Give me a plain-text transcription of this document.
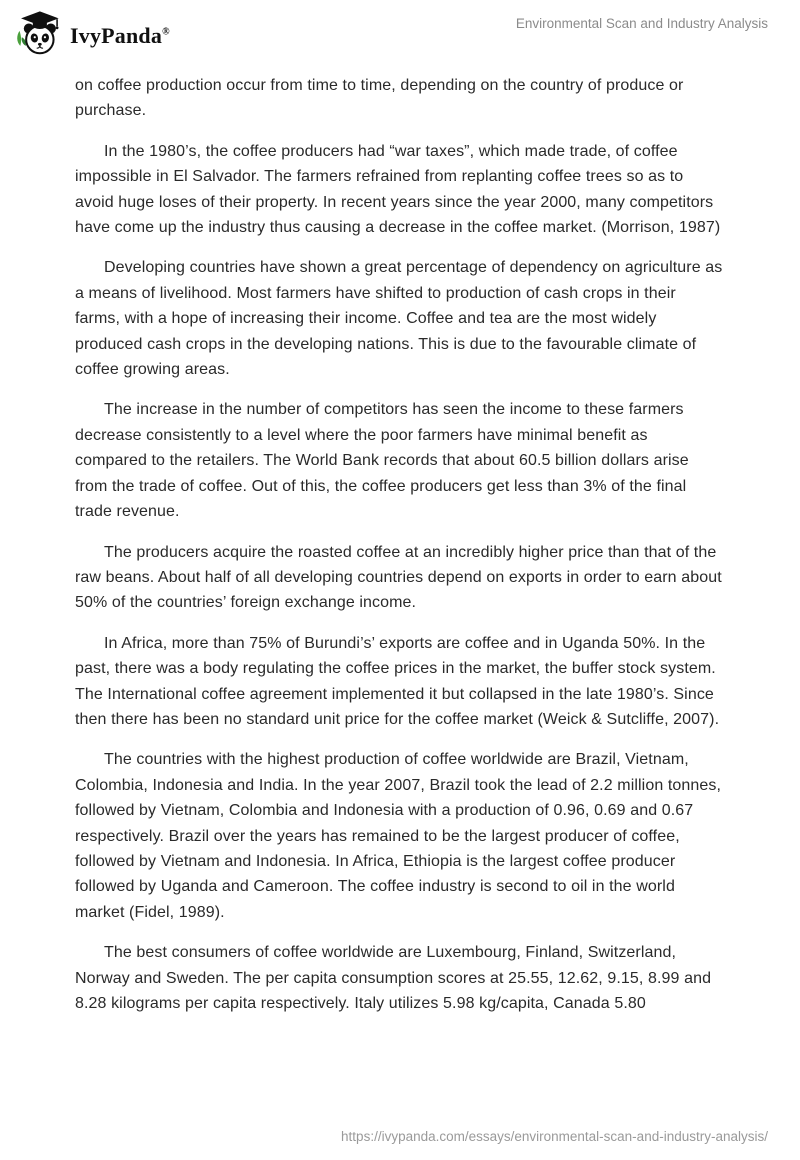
IvyPanda®
Environmental Scan and Industry Analysis

on coffee production occur from time to time, depending on the country of produce or purchase.

In the 1980’s, the coffee producers had “war taxes”, which made trade, of coffee impossible in El Salvador. The farmers refrained from replanting coffee trees so as to avoid huge loses of their property. In recent years since the year 2000, many competitors have come up the industry thus causing a decrease in the coffee market. (Morrison, 1987)

Developing countries have shown a great percentage of dependency on agriculture as a means of livelihood. Most farmers have shifted to production of cash crops in their farms, with a hope of increasing their income. Coffee and tea are the most widely produced cash crops in the developing nations. This is due to the favourable climate of coffee growing areas.

The increase in the number of competitors has seen the income to these farmers decrease consistently to a level where the poor farmers have minimal benefit as compared to the retailers. The World Bank records that about 60.5 billion dollars arise from the trade of coffee. Out of this, the coffee producers get less than 3% of the final trade revenue.

The producers acquire the roasted coffee at an incredibly higher price than that of the raw beans. About half of all developing countries depend on exports in order to earn about 50% of the countries’ foreign exchange income.

In Africa, more than 75% of Burundi’s’ exports are coffee and in Uganda 50%. In the past, there was a body regulating the coffee prices in the market, the buffer stock system. The International coffee agreement implemented it but collapsed in the late 1980’s. Since then there has been no standard unit price for the coffee market (Weick & Sutcliffe, 2007).

The countries with the highest production of coffee worldwide are Brazil, Vietnam, Colombia, Indonesia and India. In the year 2007, Brazil took the lead of 2.2 million tonnes, followed by Vietnam, Colombia and Indonesia with a production of 0.96, 0.69 and 0.67 respectively. Brazil over the years has remained to be the largest producer of coffee, followed by Vietnam and Indonesia. In Africa, Ethiopia is the largest coffee producer followed by Uganda and Cameroon. The coffee industry is second to oil in the world market (Fidel, 1989).

The best consumers of coffee worldwide are Luxembourg, Finland, Switzerland, Norway and Sweden. The per capita consumption scores at 25.55, 12.62, 9.15, 8.99 and 8.28 kilograms per capita respectively. Italy utilizes 5.98 kg/capita, Canada 5.80

https://ivypanda.com/essays/environmental-scan-and-industry-analysis/
